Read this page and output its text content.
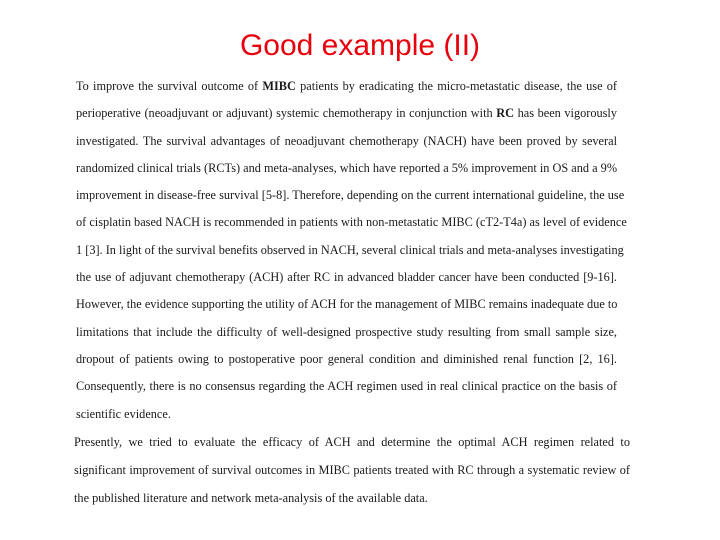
Good example (II)
To improve the survival outcome of MIBC patients by eradicating the micro-metastatic disease, the use of
perioperative (neoadjuvant or adjuvant) systemic chemotherapy in conjunction with RC has been vigorously
investigated. The survival advantages of neoadjuvant chemotherapy (NACH) have been proved by several
randomized clinical trials (RCTs) and meta-analyses, which have reported a 5% improvement in OS and a 9%
improvement in disease-free survival [5-8]. Therefore, depending on the current international guideline, the use
of cisplatin based NACH is recommended in patients with non-metastatic MIBC (cT2-T4a) as level of evidence
1 [3]. In light of the survival benefits observed in NACH, several clinical trials and meta-analyses investigating
the use of adjuvant chemotherapy (ACH) after RC in advanced bladder cancer have been conducted [9-16].
However, the evidence supporting the utility of ACH for the management of MIBC remains inadequate due to
limitations that include the difficulty of well-designed prospective study resulting from small sample size,
dropout of patients owing to postoperative poor general condition and diminished renal function [2, 16].
Consequently, there is no consensus regarding the ACH regimen used in real clinical practice on the basis of
scientific evidence.
Presently, we tried to evaluate the efficacy of ACH and determine the optimal ACH regimen related to
significant improvement of survival outcomes in MIBC patients treated with RC through a systematic review of
the published literature and network meta-analysis of the available data.
